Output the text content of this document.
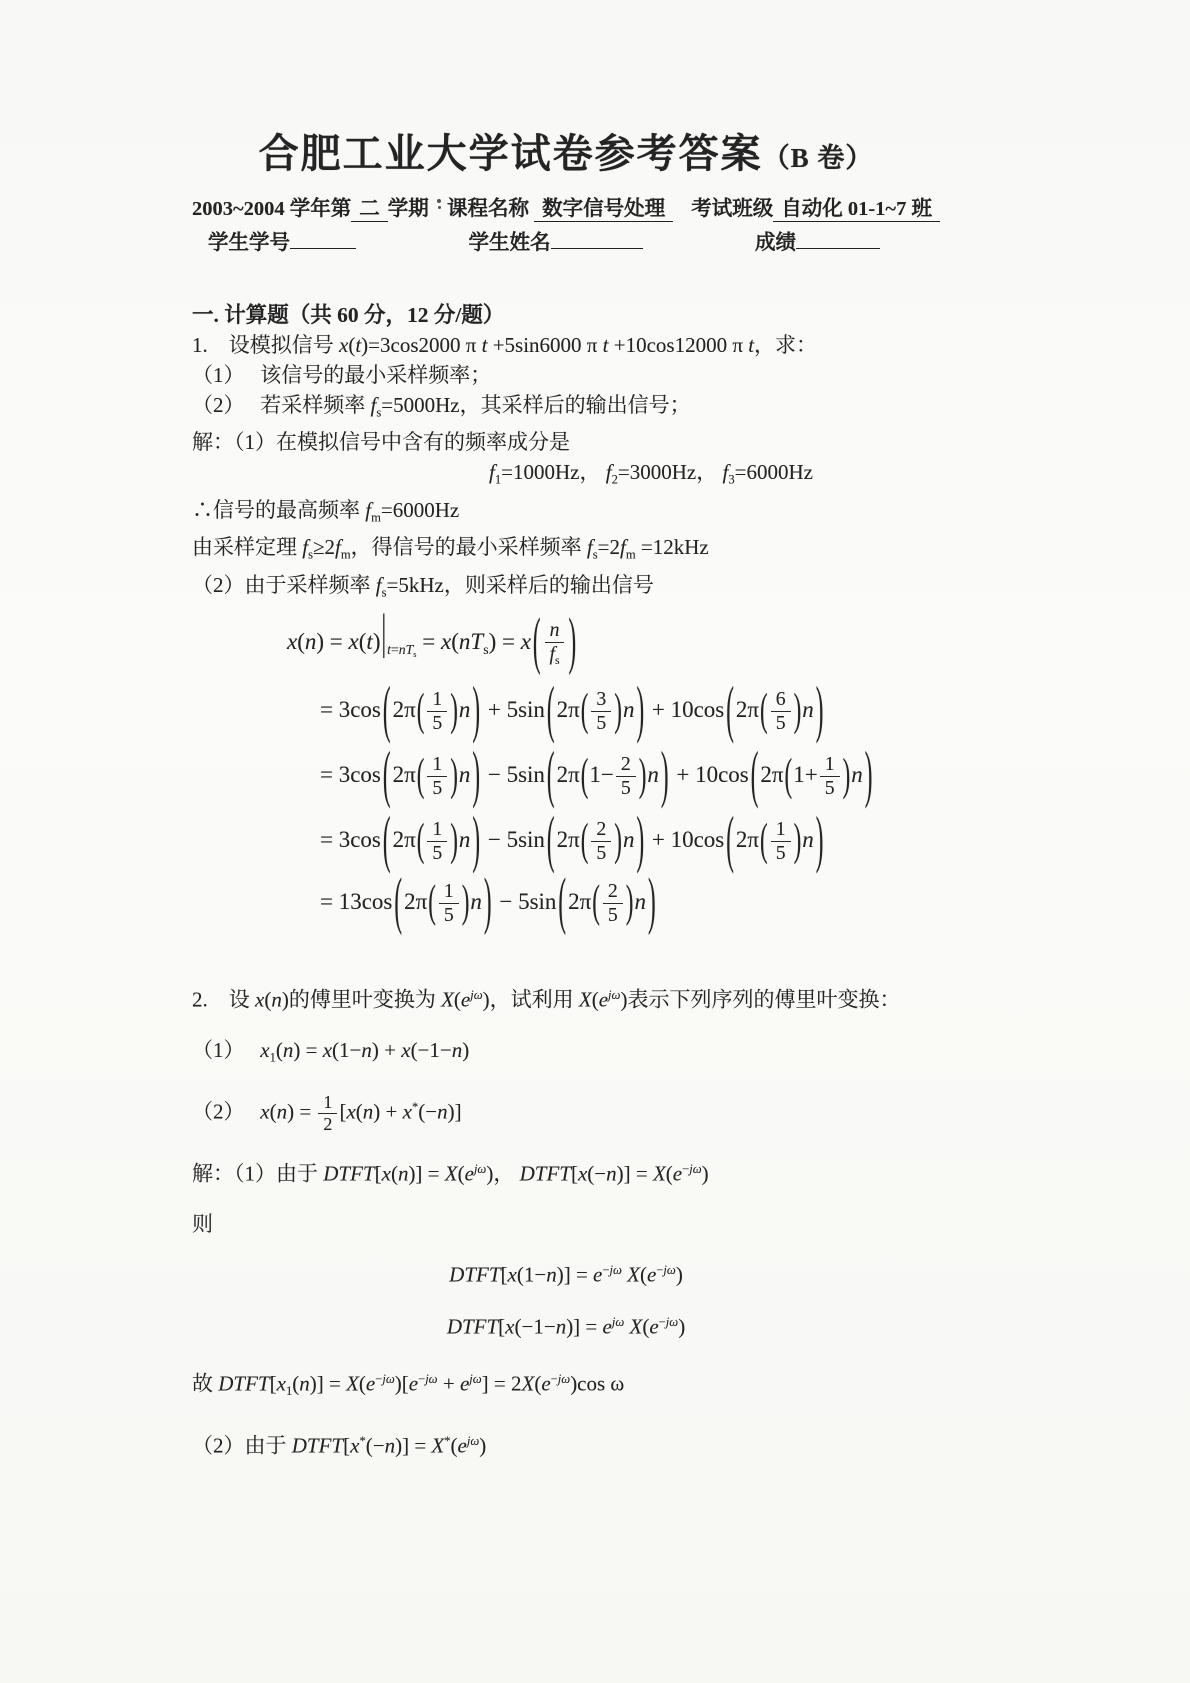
合肥工业大学试卷参考答案（B 卷）
2003~2004 学年第 二 学期 课程名称 数字信号处理	考试班级 自动化 01-1~7 班
学生学号	学生姓名	成绩
一. 计算题（共 60 分，12 分/题）
1.　设模拟信号 x(t)=3cos2000 π t +5sin6000 π t +10cos12000 π t，求：
（1）　 该信号的最小采样频率；
（2）　 若采样频率 $f_s=5000Hz$，其采样后的输出信号；
解：（1）在模拟信号中含有的频率成分是
$f_1=1000Hz$， $f_2=3000Hz$， $f_3=6000Hz$
∴信号的最高频率 $f_m=6000Hz$
由采样定理 $f_s\ge 2f_m$，得信号的最小采样频率 $f_s=2f_m =12kHz$
（2）由于采样频率 $f_s=5kHz$，则采样后的输出信号
$x(n) = x(t)|_{t=nT_s} = x(nT_s) = x( \frac{n}{f_s}$ )
= $3\cos(2\pi( \frac{1}{5} )n) + 5\sin(2\pi( \frac{3}{5} )n) + 10\cos(2\pi( \frac{6}{5} )n)$
= $3\cos(2\pi( \frac{1}{5} )n) - 5\sin(2\pi(1- \frac{2}{5} )n) + 10\cos(2\pi(1+ \frac{1}{5} )n)$
= $3\cos(2\pi( \frac{1}{5} )n) - 5\sin(2\pi( \frac{2}{5} )n) + 10\cos(2\pi( \frac{1}{5} )n)$
= $13\cos(2\pi( \frac{1}{5} )n) - 5\sin(2\pi( \frac{2}{5} )n)$
2.　设 x(n)的傅里叶变换为 $X(e^{j\omega})$，试利用 $X(e^{j\omega})$表示下列序列的傅里叶变换：
（1）　 $x_1(n) = x(1-n) + x(-1-n)$
（2）　 $x(n) = \frac{1}{2} [x(n) + x^*(-n)]$
解：（1）由于 DTFT[x(n)] = $X(e^{j\omega})$， DTFT[x(−n)] = $X(e^{-j\omega})$
则
DTFT[x(1−n)] = $e^{-j\omega}$ $X(e^{-j\omega})$
DTFT[x(−1−n)] = $e^{j\omega}$ $X(e^{-j\omega})$
故 $DTFT[x_1(n)] = X(e^{-j\omega})[e^{-j\omega} + e^{j\omega}] = 2X(e^{-j\omega})\cos$ ω
（2）由于 DTFT[x*(−n)] = $X^*(e^{j\omega})$
